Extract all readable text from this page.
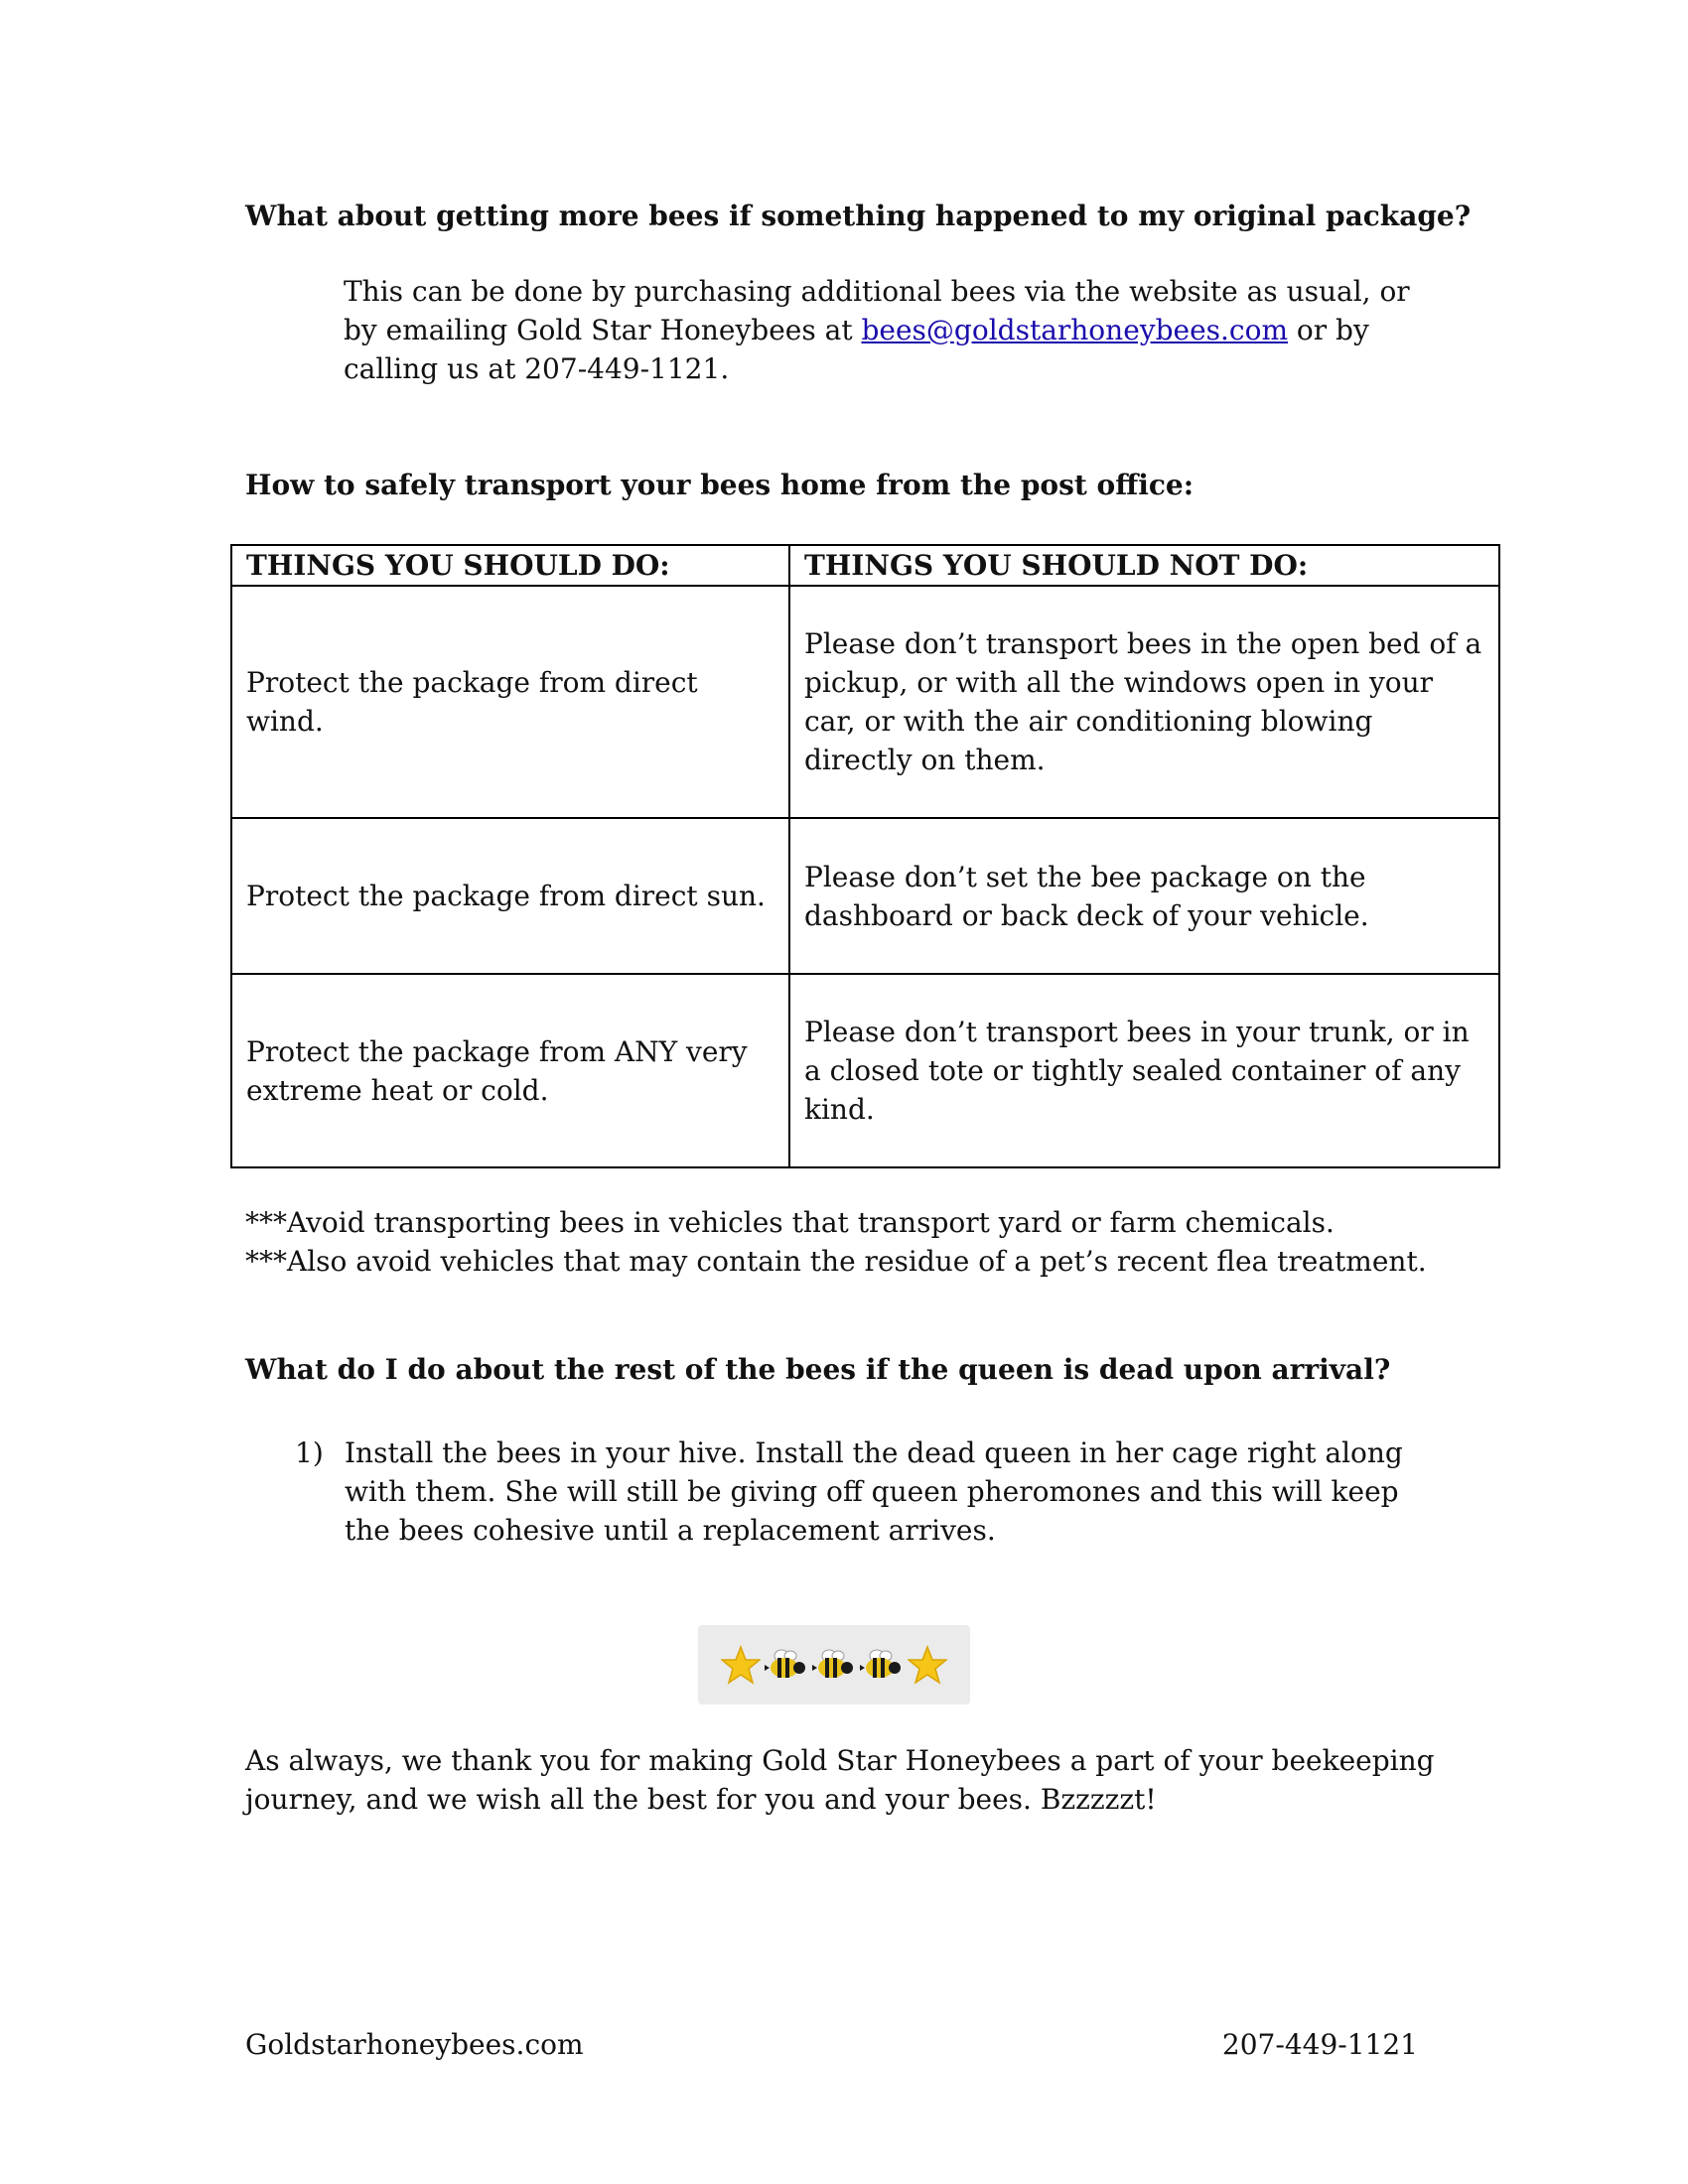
What about getting more bees if something happened to my original package?

This can be done by purchasing additional bees via the website as usual, or by emailing Gold Star Honeybees at bees@goldstarhoneybees.com or by calling us at 207-449-1121.

How to safely transport your bees home from the post office:
THINGS YOU SHOULD DO:	THINGS YOU SHOULD NOT DO:
Protect the package from direct wind.	Please don’t transport bees in the open bed of a pickup, or with all the windows open in your car, or with the air conditioning blowing directly on them.
Protect the package from direct sun.	Please don’t set the bee package on the dashboard or back deck of your vehicle.
Protect the package from ANY very extreme heat or cold.	Please don’t transport bees in your trunk, or in a closed tote or tightly sealed container of any kind.
***Avoid transporting bees in vehicles that transport yard or farm chemicals.
***Also avoid vehicles that may contain the residue of a pet’s recent flea treatment.
What do I do about the rest of the bees if the queen is dead upon arrival?
1) Install the bees in your hive. Install the dead queen in her cage right along with them. She will still be giving off queen pheromones and this will keep the bees cohesive until a replacement arrives.

As always, we thank you for making Gold Star Honeybees a part of your beekeeping journey, and we wish all the best for you and your bees. Bzzzzzt!

Goldstarhoneybees.com	207-449-1121
